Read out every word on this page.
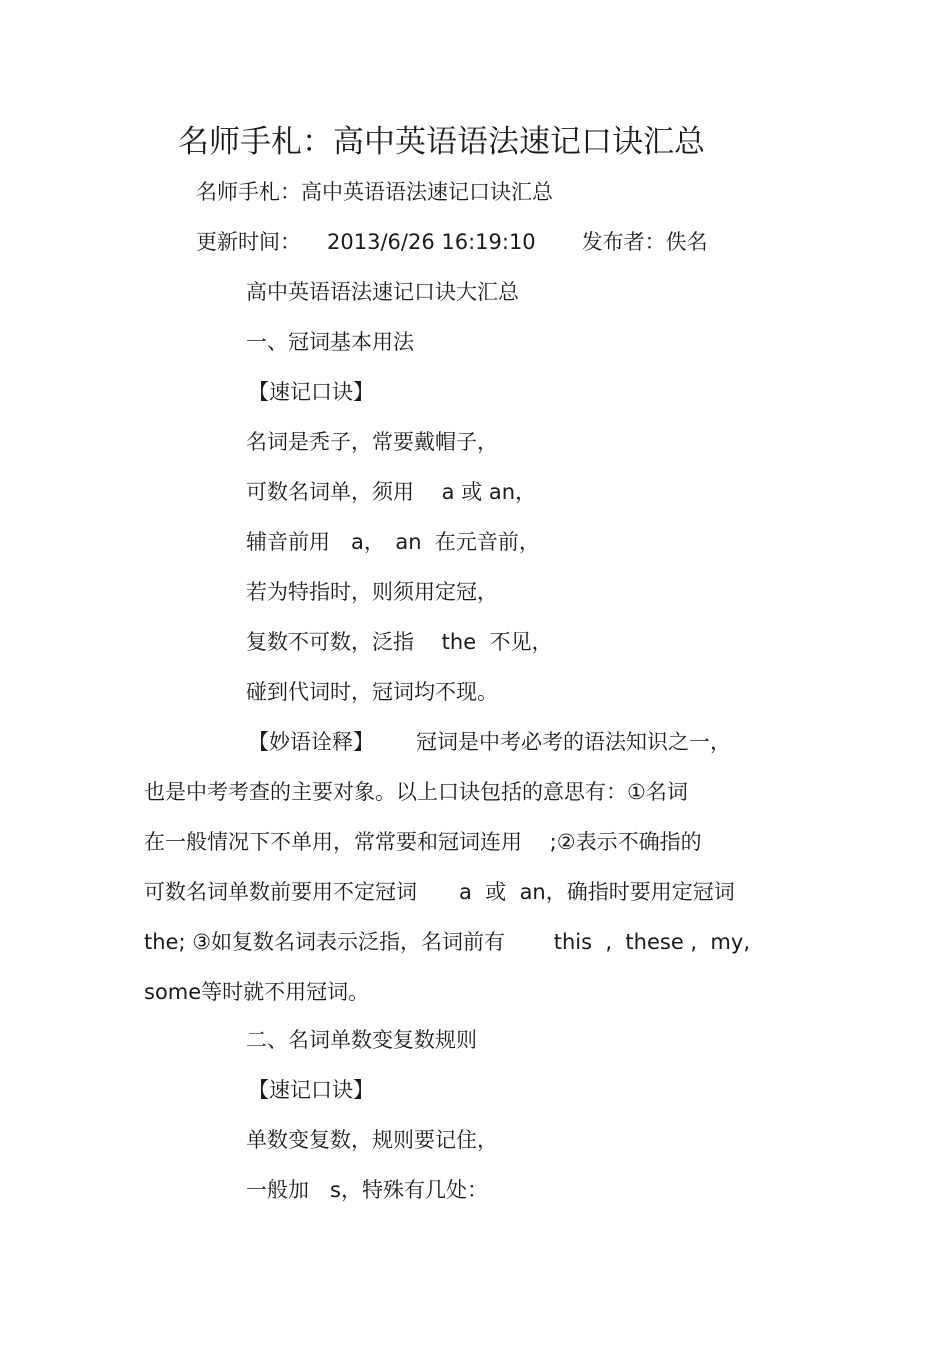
名师手札：高中英语语法速记口诀汇总
名师手札：高中英语语法速记口诀汇总
更新时间： 2013/6/26 16:19:10 发布者：佚名
高中英语语法速记口诀大汇总
一、冠词基本用法
【速记口诀】
名词是秃子，常要戴帽子，
可数名词单，须用　 a 或 an，
辅音前用　a，　an  在元音前，
若为特指时，则须用定冠，
复数不可数，泛指　 the  不见，
碰到代词时，冠词均不现。
【妙语诠释】 冠词是中考必考的语法知识之一，
也是中考考查的主要对象。以上口诀包括的意思有：①名词
在一般情况下不单用，常常要和冠词连用　 ;②表示不确指的
可数名词单数前要用不定冠词　　a  或  an，确指时要用定冠词
the; ③如复数名词表示泛指，名词前有　　 this  ,  these ,  my,
some等时就不用冠词。
二、名词单数变复数规则
【速记口诀】
单数变复数，规则要记住，
一般加　s，特殊有几处：
